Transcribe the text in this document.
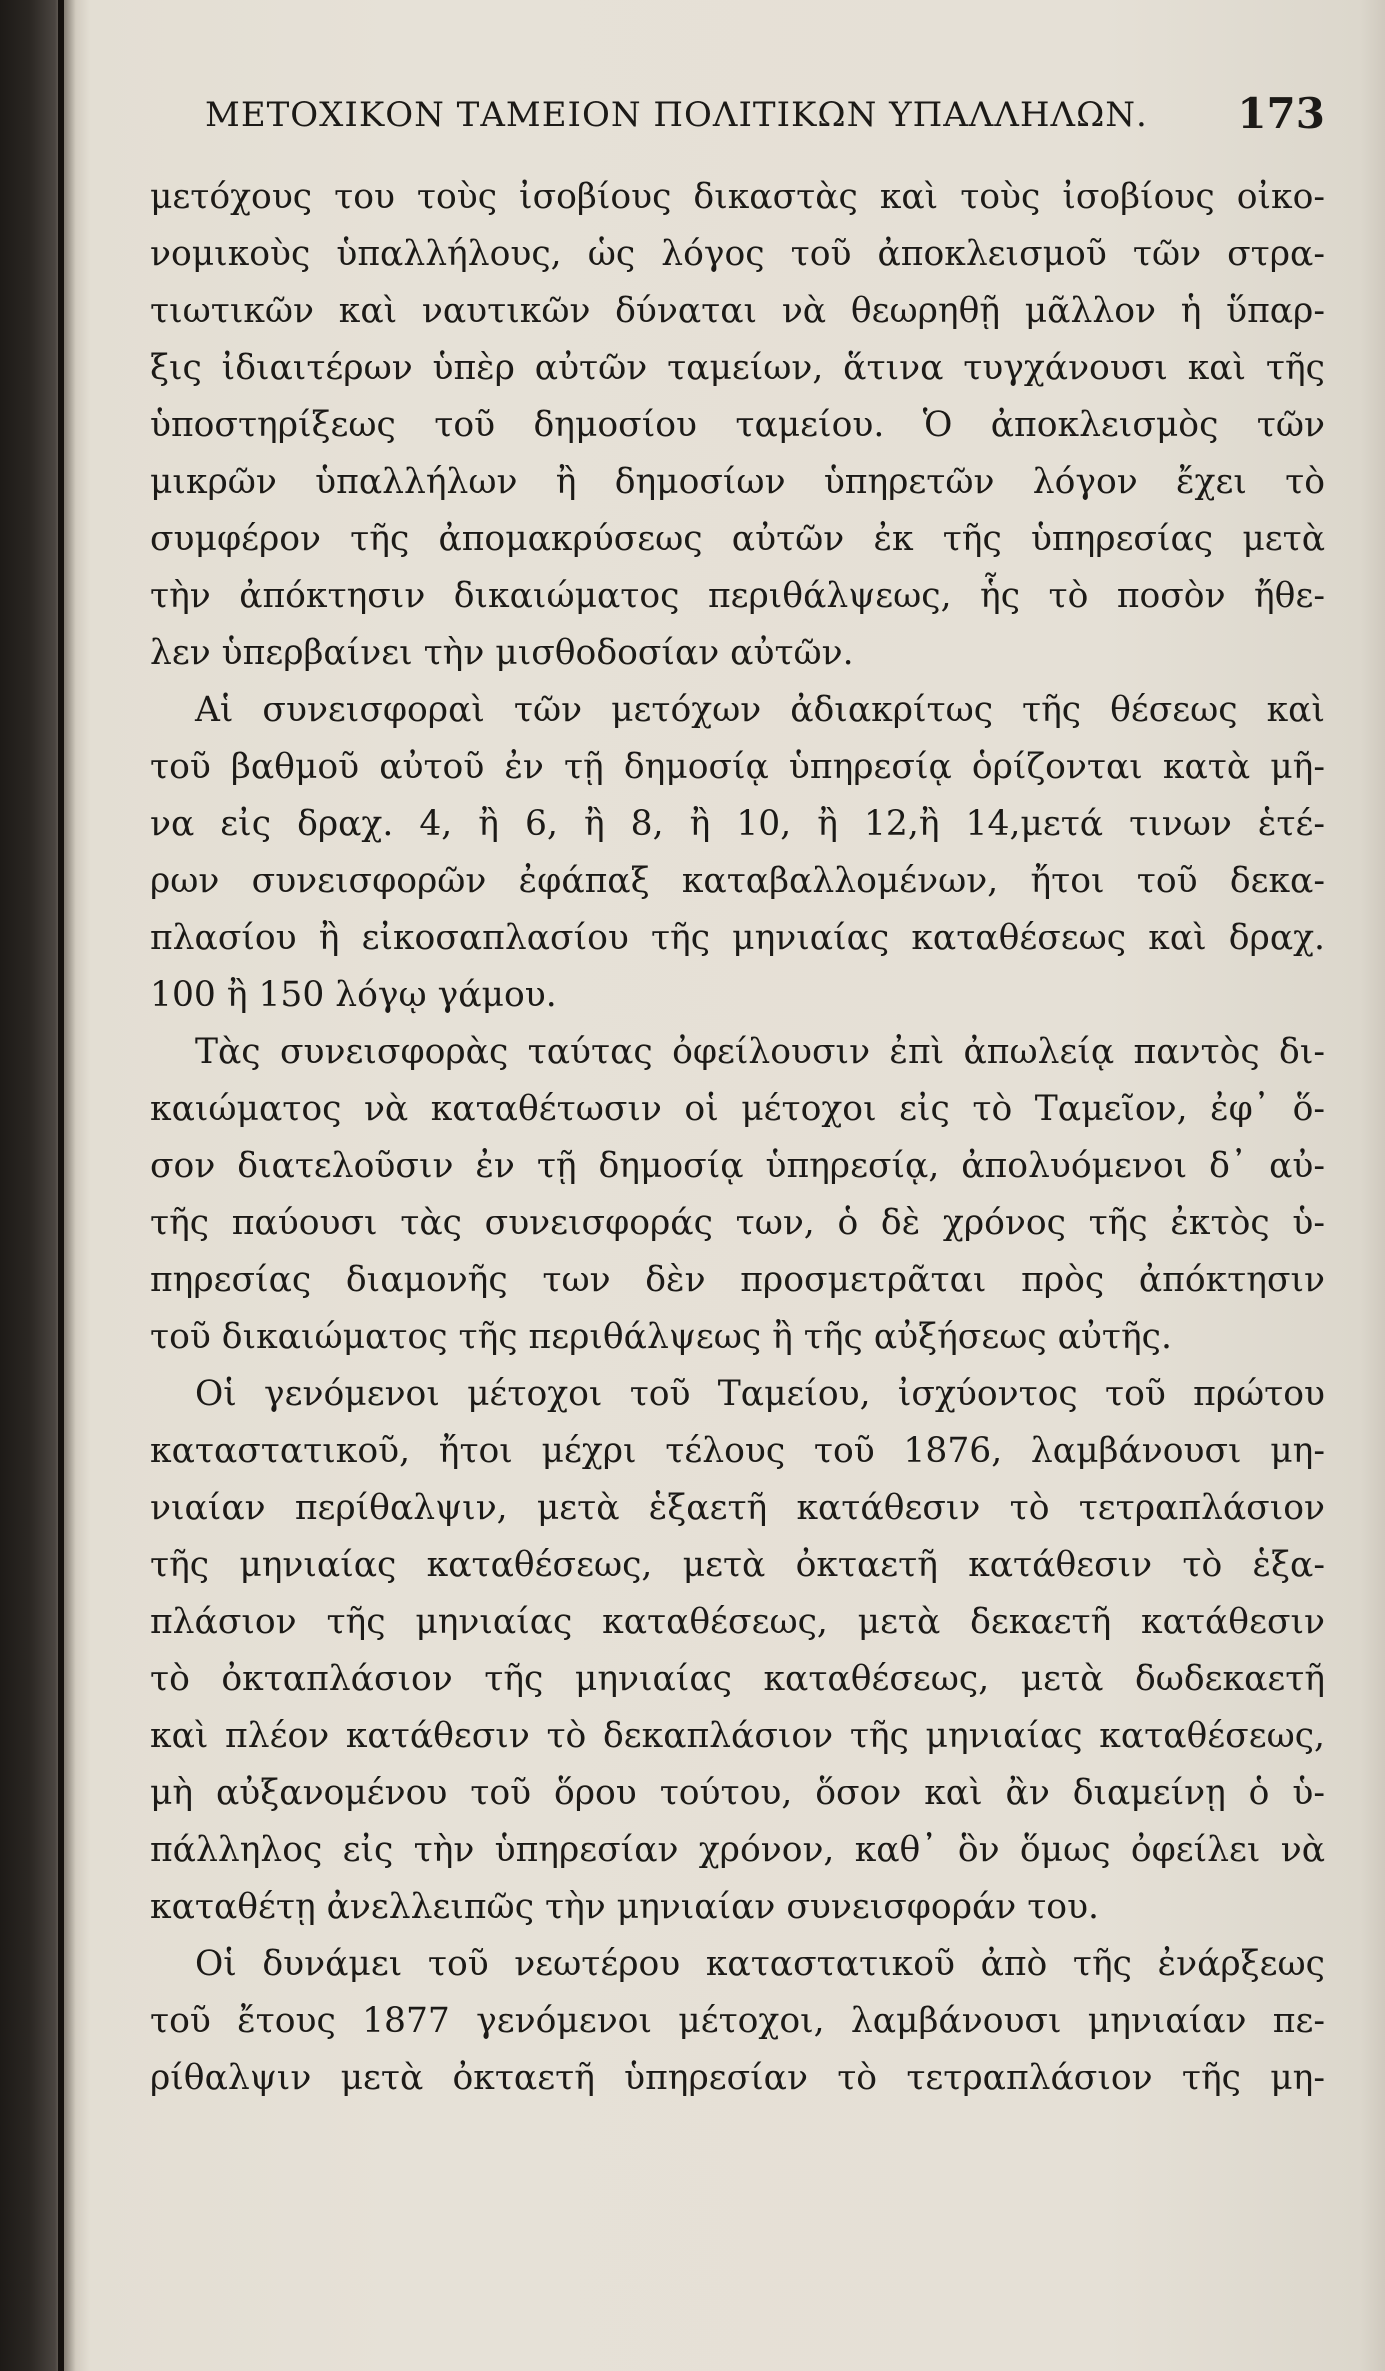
ΜΕΤΟΧΙΚΟΝ ΤΑΜΕΙΟΝ ΠΟΛΙΤΙΚΩΝ ΥΠΑΛΛΗΛΩΝ. 173
μετόχους του τοὺς ἰσοβίους δικαστὰς καὶ τοὺς ἰσοβίους οἰκο-
νομικοὺς ὑπαλλήλους, ὡς λόγος τοῦ ἀποκλεισμοῦ τῶν στρα-
τιωτικῶν καὶ ναυτικῶν δύναται νὰ θεωρηθῇ μᾶλλον ἡ ὕπαρ-
ξις ἰδιαιτέρων ὑπὲρ αὐτῶν ταμείων, ἅτινα τυγχάνουσι καὶ τῆς
ὑποστηρίξεως τοῦ δημοσίου ταμείου. Ὁ ἀποκλεισμὸς τῶν
μικρῶν ὑπαλλήλων ἢ δημοσίων ὑπηρετῶν λόγον ἔχει τὸ
συμφέρον τῆς ἀπομακρύσεως αὐτῶν ἐκ τῆς ὑπηρεσίας μετὰ
τὴν ἀπόκτησιν δικαιώματος περιθάλψεως, ἧς τὸ ποσὸν ἤθε-
λεν ὑπερβαίνει τὴν μισθοδοσίαν αὐτῶν.
Αἱ συνεισφοραὶ τῶν μετόχων ἀδιακρίτως τῆς θέσεως καὶ
τοῦ βαθμοῦ αὐτοῦ ἐν τῇ δημοσίᾳ ὑπηρεσίᾳ ὁρίζονται κατὰ μῆ-
να εἰς δραχ. 4, ἢ 6, ἢ 8, ἢ 10, ἢ 12,ἢ 14,μετά τινων ἑτέ-
ρων συνεισφορῶν ἐφάπαξ καταβαλλομένων, ἤτοι τοῦ δεκα-
πλασίου ἢ εἰκοσαπλασίου τῆς μηνιαίας καταθέσεως καὶ δραχ.
100 ἢ 150 λόγῳ γάμου.
Τὰς συνεισφορὰς ταύτας ὀφείλουσιν ἐπὶ ἀπωλείᾳ παντὸς δι-
καιώματος νὰ καταθέτωσιν οἱ μέτοχοι εἰς τὸ Ταμεῖον, ἐφ᾽ ὅ-
σον διατελοῦσιν ἐν τῇ δημοσίᾳ ὑπηρεσίᾳ, ἀπολυόμενοι δ᾽ αὐ-
τῆς παύουσι τὰς συνεισφοράς των, ὁ δὲ χρόνος τῆς ἐκτὸς ὑ-
πηρεσίας διαμονῆς των δὲν προσμετρᾶται πρὸς ἀπόκτησιν
τοῦ δικαιώματος τῆς περιθάλψεως ἢ τῆς αὐξήσεως αὐτῆς.
Οἱ γενόμενοι μέτοχοι τοῦ Ταμείου, ἰσχύοντος τοῦ πρώτου
καταστατικοῦ, ἤτοι μέχρι τέλους τοῦ 1876, λαμβάνουσι μη-
νιαίαν περίθαλψιν, μετὰ ἑξαετῆ κατάθεσιν τὸ τετραπλάσιον
τῆς μηνιαίας καταθέσεως, μετὰ ὀκταετῆ κατάθεσιν τὸ ἑξα-
πλάσιον τῆς μηνιαίας καταθέσεως, μετὰ δεκαετῆ κατάθεσιν
τὸ ὀκταπλάσιον τῆς μηνιαίας καταθέσεως, μετὰ δωδεκαετῆ
καὶ πλέον κατάθεσιν τὸ δεκαπλάσιον τῆς μηνιαίας καταθέσεως,
μὴ αὐξανομένου τοῦ ὅρου τούτου, ὅσον καὶ ἂν διαμείνῃ ὁ ὑ-
πάλληλος εἰς τὴν ὑπηρεσίαν χρόνον, καθ᾽ ὃν ὅμως ὀφείλει νὰ
καταθέτῃ ἀνελλειπῶς τὴν μηνιαίαν συνεισφοράν του.
Οἱ δυνάμει τοῦ νεωτέρου καταστατικοῦ ἀπὸ τῆς ἐνάρξεως
τοῦ ἔτους 1877 γενόμενοι μέτοχοι, λαμβάνουσι μηνιαίαν πε-
ρίθαλψιν μετὰ ὀκταετῆ ὑπηρεσίαν τὸ τετραπλάσιον τῆς μη-
